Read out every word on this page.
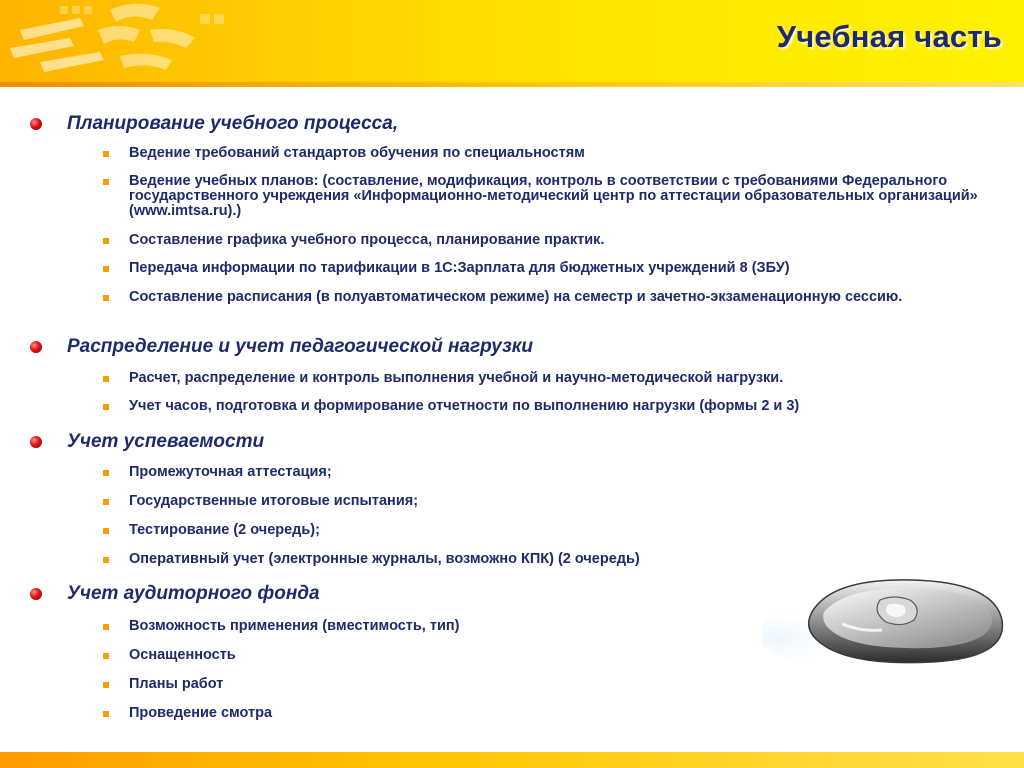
Учебная часть
Планирование учебного процесса,
Ведение требований стандартов обучения по специальностям
Ведение учебных планов: (составление, модификация, контроль в соответствии с требованиями Федерального государственного учреждения «Информационно-методический центр по аттестации образовательных организаций» (www.imtsa.ru).)
Составление графика учебного процесса, планирование практик.
Передача информации по тарификации в 1С:Зарплата для бюджетных учреждений 8 (ЗБУ)
Составление расписания (в полуавтоматическом режиме) на семестр и зачетно-экзаменационную сессию.
Распределение и учет педагогической нагрузки
Расчет, распределение и контроль выполнения учебной и научно-методической нагрузки.
Учет часов, подготовка и формирование отчетности по выполнению нагрузки (формы 2 и 3)
Учет успеваемости
Промежуточная аттестация;
Государственные итоговые испытания;
Тестирование (2 очередь);
Оперативный учет (электронные журналы, возможно КПК) (2 очередь)
Учет аудиторного фонда
Возможность применения (вместимость, тип)
Оснащенность
Планы работ
Проведение смотра
